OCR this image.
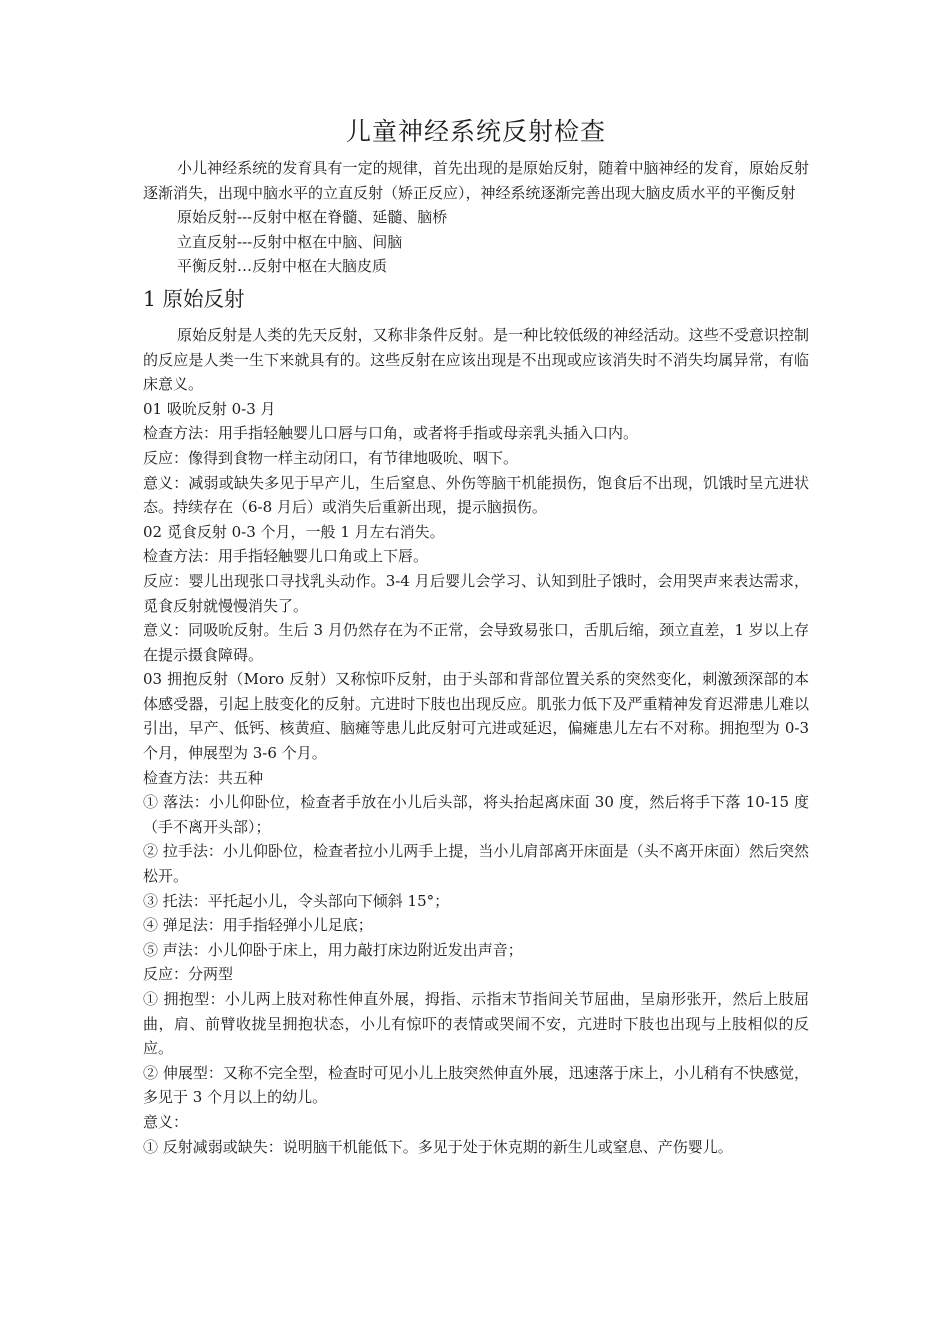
儿童神经系统反射检查

小儿神经系统的发育具有一定的规律，首先出现的是原始反射，随着中脑神经的发育，原始反射逐渐消失，出现中脑水平的立直反射（矫正反应），神经系统逐渐完善出现大脑皮质水平的平衡反射

原始反射---反射中枢在脊髓、延髓、脑桥

立直反射---反射中枢在中脑、间脑

平衡反射…反射中枢在大脑皮质

1 原始反射

原始反射是人类的先天反射，又称非条件反射。是一种比较低级的神经活动。这些不受意识控制的反应是人类一生下来就具有的。这些反射在应该出现是不出现或应该消失时不消失均属异常，有临床意义。

01 吸吮反射 0-3 月

检查方法：用手指轻触婴儿口唇与口角，或者将手指或母亲乳头插入口内。

反应：像得到食物一样主动闭口，有节律地吸吮、咽下。

意义：减弱或缺失多见于早产儿，生后窒息、外伤等脑干机能损伤，饱食后不出现，饥饿时呈亢进状态。持续存在（6-8 月后）或消失后重新出现，提示脑损伤。

02 觅食反射 0-3 个月，一般 1 月左右消失。

检查方法：用手指轻触婴儿口角或上下唇。

反应：婴儿出现张口寻找乳头动作。3-4 月后婴儿会学习、认知到肚子饿时，会用哭声来表达需求，觅食反射就慢慢消失了。

意义：同吸吮反射。生后 3 月仍然存在为不正常，会导致易张口，舌肌后缩，颈立直差，1 岁以上存在提示摄食障碍。

03 拥抱反射（Moro 反射）又称惊吓反射，由于头部和背部位置关系的突然变化，刺激颈深部的本体感受器，引起上肢变化的反射。亢进时下肢也出现反应。肌张力低下及严重精神发育迟滞患儿难以引出，早产、低钙、核黄疸、脑瘫等患儿此反射可亢进或延迟，偏瘫患儿左右不对称。拥抱型为 0-3 个月，伸展型为 3-6 个月。

检查方法：共五种

① 落法：小儿仰卧位，检查者手放在小儿后头部，将头抬起离床面 30 度，然后将手下落 10-15 度（手不离开头部）；

② 拉手法：小儿仰卧位，检查者拉小儿两手上提，当小儿肩部离开床面是（头不离开床面）然后突然松开。

③ 托法：平托起小儿，令头部向下倾斜 15°；

④ 弹足法：用手指轻弹小儿足底；

⑤ 声法：小儿仰卧于床上，用力敲打床边附近发出声音；

反应：分两型

① 拥抱型：小儿两上肢对称性伸直外展，拇指、示指末节指间关节屈曲，呈扇形张开，然后上肢屈曲，肩、前臂收拢呈拥抱状态，小儿有惊吓的表情或哭闹不安，亢进时下肢也出现与上肢相似的反应。

② 伸展型：又称不完全型，检查时可见小儿上肢突然伸直外展，迅速落于床上，小儿稍有不快感觉，多见于 3 个月以上的幼儿。

意义：

① 反射减弱或缺失：说明脑干机能低下。多见于处于休克期的新生儿或窒息、产伤婴儿。
